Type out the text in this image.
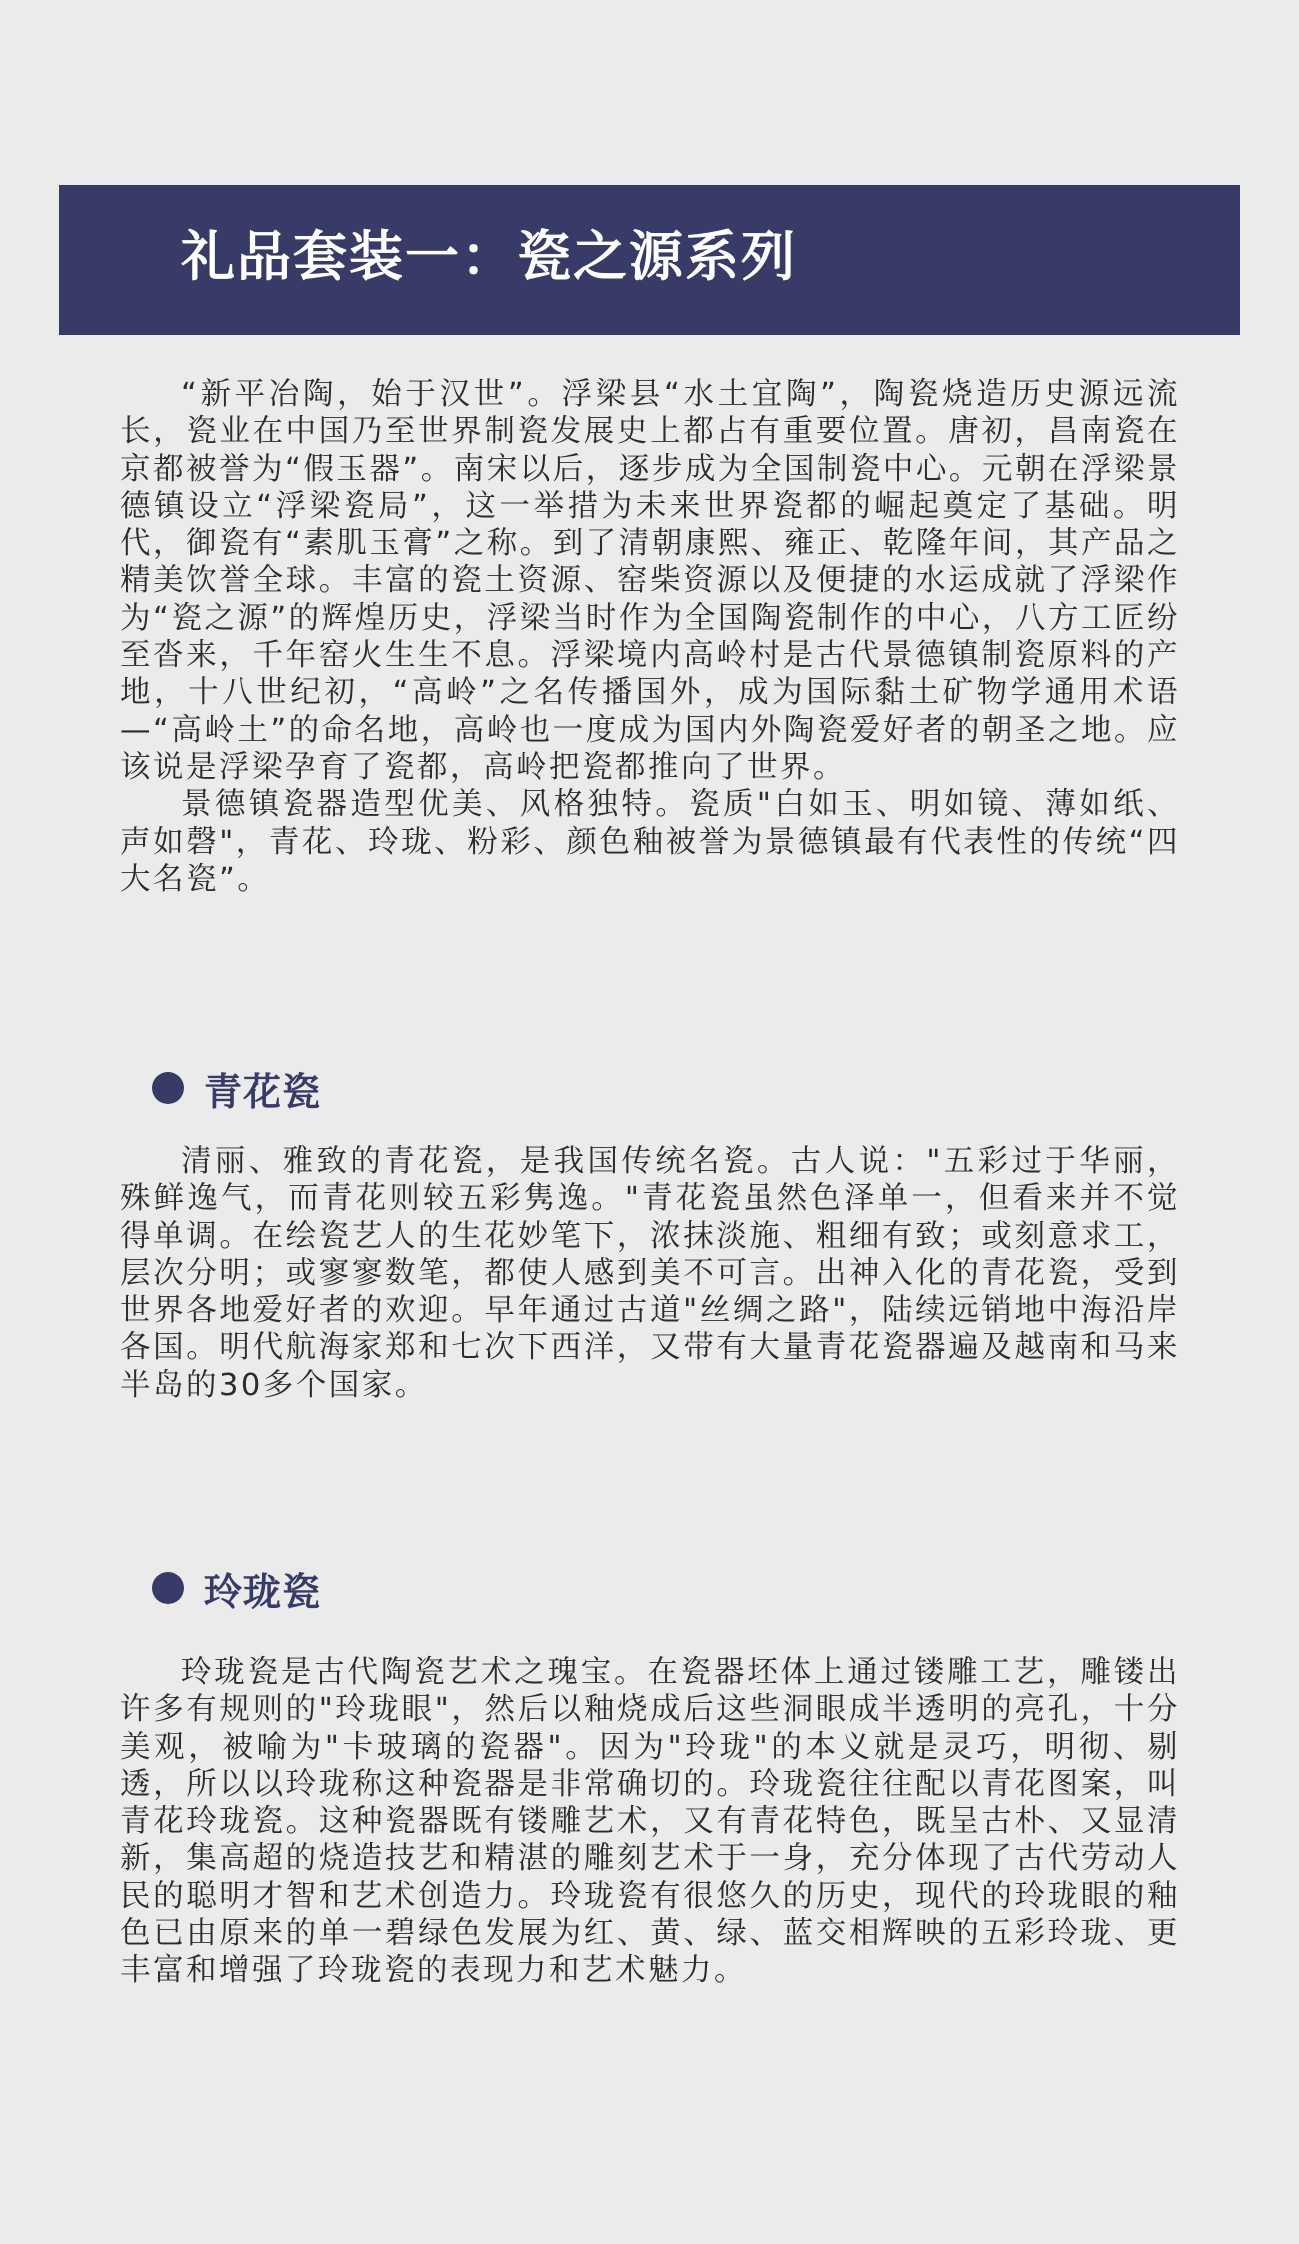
礼品套装一：瓷之源系列

“新平冶陶，始于汉世”。浮梁县“水土宜陶”，陶瓷烧造历史源远流长，瓷业在中国乃至世界制瓷发展史上都占有重要位置。唐初，昌南瓷在京都被誉为“假玉器”。南宋以后，逐步成为全国制瓷中心。元朝在浮梁景德镇设立“浮梁瓷局”，这一举措为未来世界瓷都的崛起奠定了基础。明代，御瓷有“素肌玉膏”之称。到了清朝康熙、雍正、乾隆年间，其产品之精美饮誉全球。丰富的瓷土资源、窑柴资源以及便捷的水运成就了浮梁作为“瓷之源”的辉煌历史，浮梁当时作为全国陶瓷制作的中心，八方工匠纷至沓来，千年窑火生生不息。浮梁境内高岭村是古代景德镇制瓷原料的产地，十八世纪初，“高岭”之名传播国外，成为国际黏土矿物学通用术语—“高岭土”的命名地，高岭也一度成为国内外陶瓷爱好者的朝圣之地。应该说是浮梁孕育了瓷都，高岭把瓷都推向了世界。

景德镇瓷器造型优美、风格独特。瓷质"白如玉、明如镜、薄如纸、声如磬"，青花、玲珑、粉彩、颜色釉被誉为景德镇最有代表性的传统“四大名瓷”。

青花瓷

清丽、雅致的青花瓷，是我国传统名瓷。古人说："五彩过于华丽，殊鲜逸气，而青花则较五彩隽逸。"青花瓷虽然色泽单一，但看来并不觉得单调。在绘瓷艺人的生花妙笔下，浓抹淡施、粗细有致；或刻意求工，层次分明；或寥寥数笔，都使人感到美不可言。出神入化的青花瓷，受到世界各地爱好者的欢迎。早年通过古道"丝绸之路"，陆续远销地中海沿岸各国。明代航海家郑和七次下西洋，又带有大量青花瓷器遍及越南和马来半岛的30多个国家。

玲珑瓷

玲珑瓷是古代陶瓷艺术之瑰宝。在瓷器坯体上通过镂雕工艺，雕镂出许多有规则的"玲珑眼"，然后以釉烧成后这些洞眼成半透明的亮孔，十分美观，被喻为"卡玻璃的瓷器"。因为"玲珑"的本义就是灵巧，明彻、剔透，所以以玲珑称这种瓷器是非常确切的。玲珑瓷往往配以青花图案，叫青花玲珑瓷。这种瓷器既有镂雕艺术，又有青花特色，既呈古朴、又显清新，集高超的烧造技艺和精湛的雕刻艺术于一身，充分体现了古代劳动人民的聪明才智和艺术创造力。玲珑瓷有很悠久的历史，现代的玲珑眼的釉色已由原来的单一碧绿色发展为红、黄、绿、蓝交相辉映的五彩玲珑、更丰富和增强了玲珑瓷的表现力和艺术魅力。
